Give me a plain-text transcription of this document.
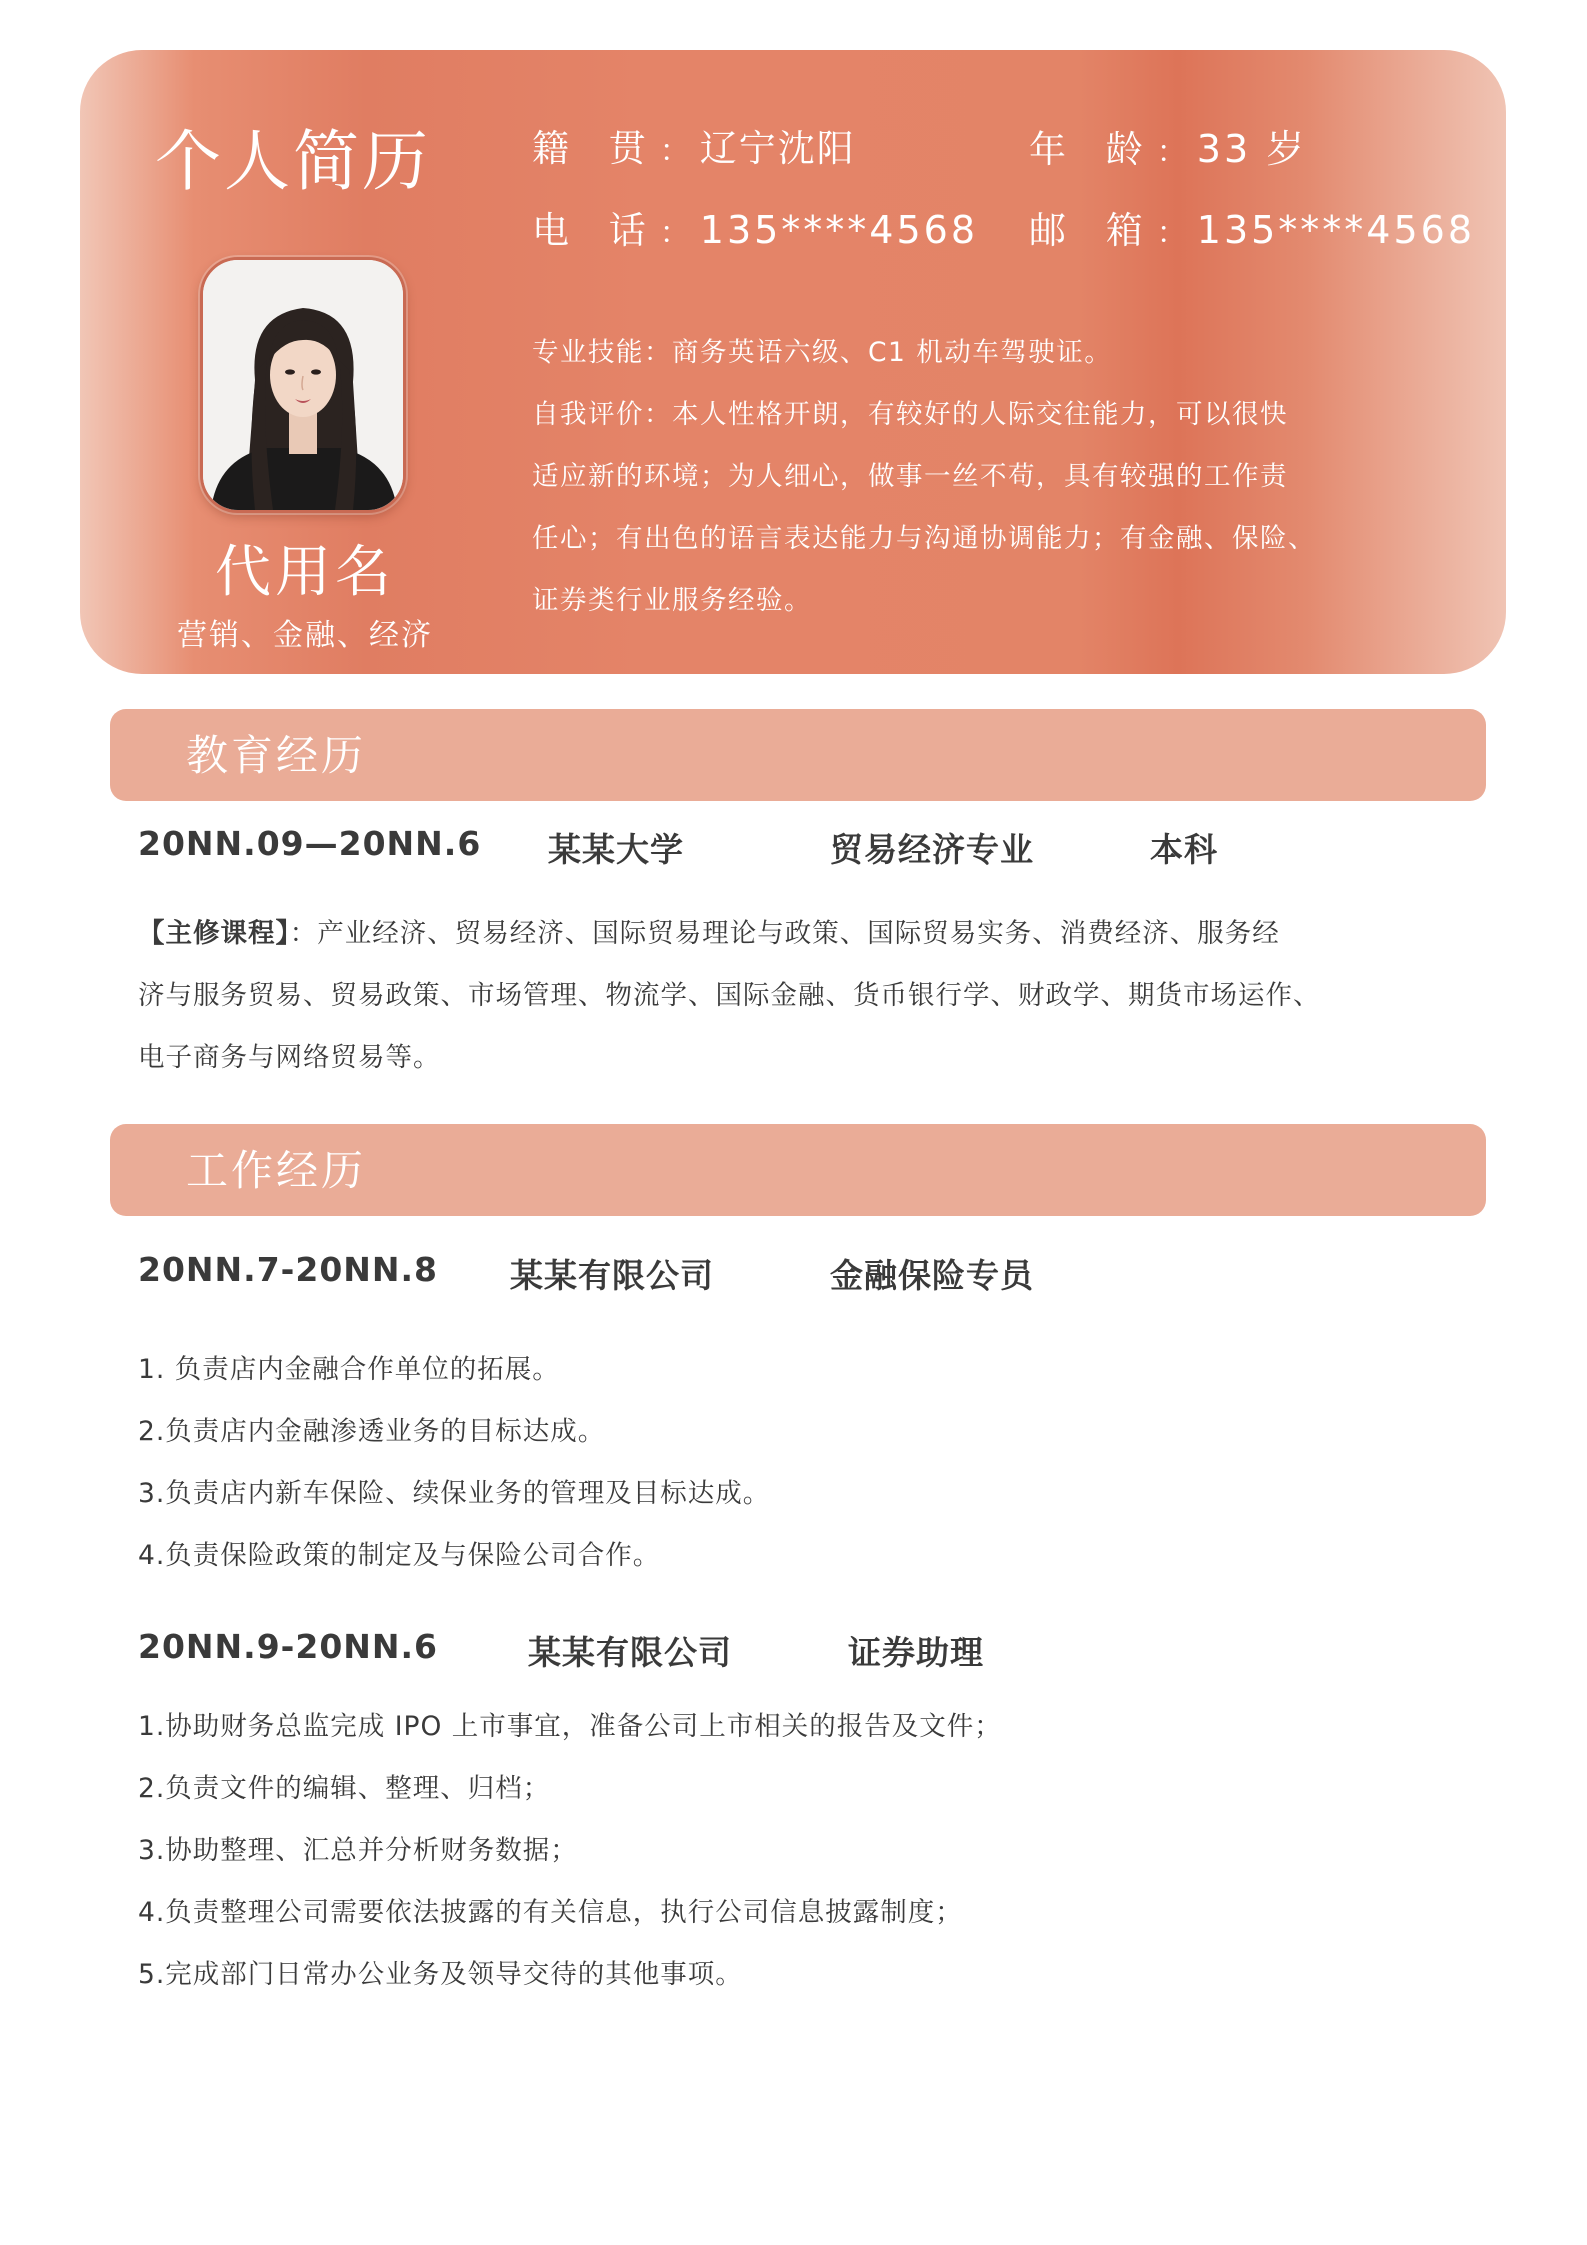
个人简历
代用名
营销、金融、经济
籍 贯 ： 辽宁沈阳	年 龄 ： 33 岁
电 话 ： 135****4568 邮 箱 ： 135****4568
专业技能：商务英语六级、C1 机动车驾驶证。
自我评价：本人性格开朗，有较好的人际交往能力，可以很快
适应新的环境；为人细心，做事一丝不苟，具有较强的工作责
任心；有出色的语言表达能力与沟通协调能力；有金融、保险、
证券类行业服务经验。
教育经历
20NN.09—20NN.6 某某大学	贸易经济专业	本科
【主修课程】：产业经济、贸易经济、国际贸易理论与政策、国际贸易实务、消费经济、服务经
济与服务贸易、贸易政策、市场管理、物流学、国际金融、货币银行学、财政学、期货市场运作、
电子商务与网络贸易等。
工作经历
20NN.7-20NN.8 某某有限公司	金融保险专员
1. 负责店内金融合作单位的拓展。
2.负责店内金融渗透业务的目标达成。
3.负责店内新车保险、续保业务的管理及目标达成。
4.负责保险政策的制定及与保险公司合作。
20NN.9-20NN.6	某某有限公司	证券助理
1.协助财务总监完成 IPO 上市事宜，准备公司上市相关的报告及文件；
2.负责文件的编辑、整理、归档；
3.协助整理、汇总并分析财务数据；
4.负责整理公司需要依法披露的有关信息，执行公司信息披露制度；
5.完成部门日常办公业务及领导交待的其他事项。
